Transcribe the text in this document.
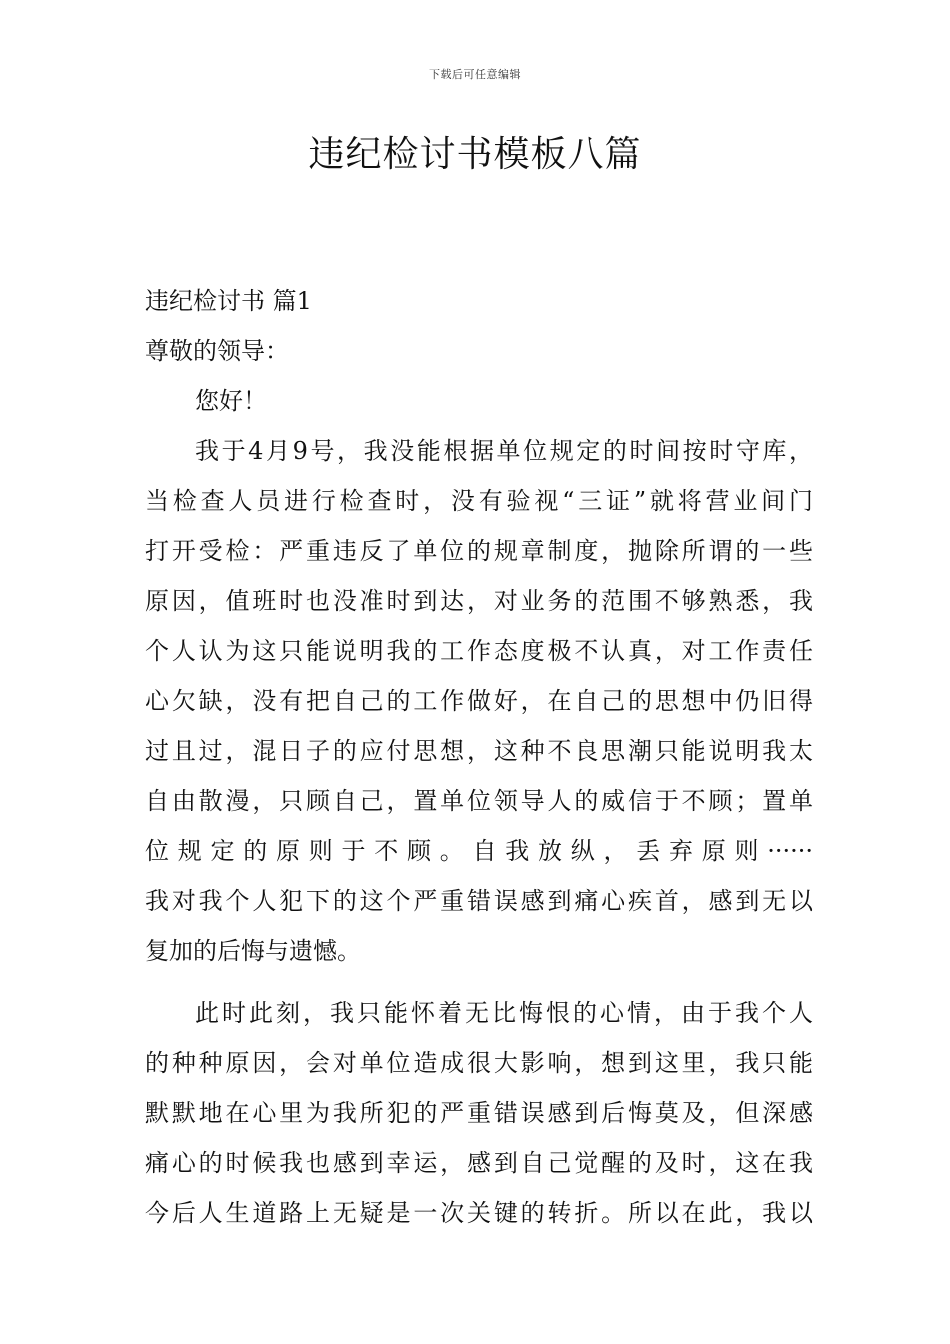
下载后可任意编辑
违纪检讨书模板八篇
违纪检讨书 篇1
尊敬的领导：
您好！
我于4月9号，我没能根据单位规定的时间按时守库，
当检查人员进行检查时，没有验视“三证”就将营业间门
打开受检：严重违反了单位的规章制度，抛除所谓的一些
原因，值班时也没准时到达，对业务的范围不够熟悉，我
个人认为这只能说明我的工作态度极不认真，对工作责任
心欠缺，没有把自己的工作做好，在自己的思想中仍旧得
过且过，混日子的应付思想，这种不良思潮只能说明我太
自由散漫，只顾自己，置单位领导人的威信于不顾；置单
位规定的原则于不顾。自我放纵，丢弃原则······
我对我个人犯下的这个严重错误感到痛心疾首，感到无以
复加的后悔与遗憾。
此时此刻，我只能怀着无比悔恨的心情，由于我个人
的种种原因，会对单位造成很大影响，想到这里，我只能
默默地在心里为我所犯的严重错误感到后悔莫及，但深感
痛心的时候我也感到幸运，感到自己觉醒的及时，这在我
今后人生道路上无疑是一次关键的转折。所以在此，我以
